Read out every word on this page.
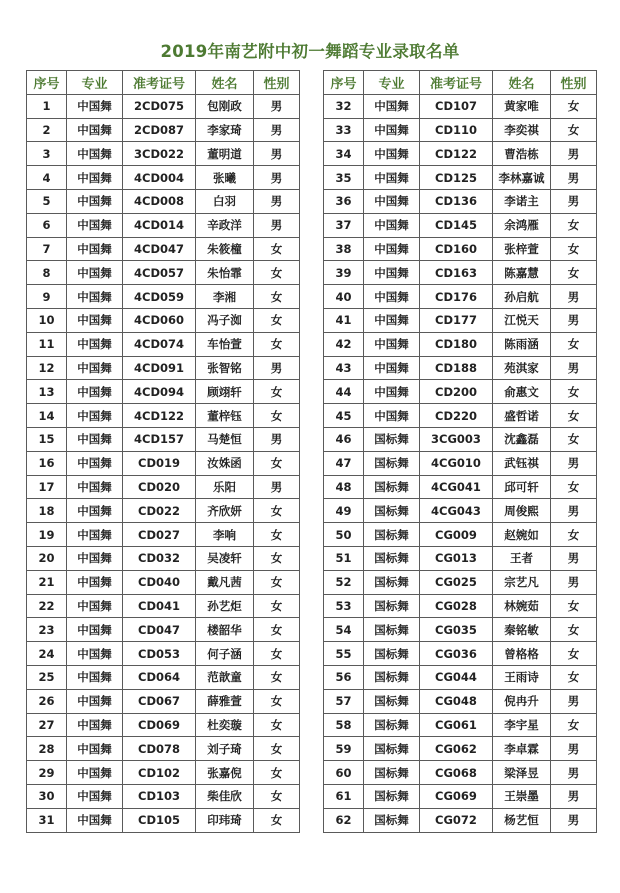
2019年南艺附中初一舞蹈专业录取名单
序号	专业	准考证号	姓名	性别		序号	专业	准考证号	姓名	性别
1	中国舞	2CD075	包刚政	男		32	中国舞	CD107	黄家唯	女
2	中国舞	2CD087	李家琦	男		33	中国舞	CD110	李奕祺	女
3	中国舞	3CD022	董明道	男		34	中国舞	CD122	曹浩栋	男
4	中国舞	4CD004	张曦	男		35	中国舞	CD125	李林嘉诚	男
5	中国舞	4CD008	白羽	男		36	中国舞	CD136	李诺主	男
6	中国舞	4CD014	辛政洋	男		37	中国舞	CD145	余鸿雁	女
7	中国舞	4CD047	朱筱橦	女		38	中国舞	CD160	张梓萱	女
8	中国舞	4CD057	朱怡霏	女		39	中国舞	CD163	陈嘉慧	女
9	中国舞	4CD059	李湘	女		40	中国舞	CD176	孙启航	男
10	中国舞	4CD060	冯子洳	女		41	中国舞	CD177	江悦天	男
11	中国舞	4CD074	车怡萱	女		42	中国舞	CD180	陈雨涵	女
12	中国舞	4CD091	张智铭	男		43	中国舞	CD188	苑淇家	男
13	中国舞	4CD094	顾翊轩	女		44	中国舞	CD200	俞惠文	女
14	中国舞	4CD122	董梓钰	女		45	中国舞	CD220	盛哲诺	女
15	中国舞	4CD157	马楚恒	男		46	国标舞	3CG003	沈鑫磊	女
16	中国舞	CD019	汝姝函	女		47	国标舞	4CG010	武钰祺	男
17	中国舞	CD020	乐阳	男		48	国标舞	4CG041	邱可轩	女
18	中国舞	CD022	齐欣妍	女		49	国标舞	4CG043	周俊熙	男
19	中国舞	CD027	李响	女		50	国标舞	CG009	赵婉如	女
20	中国舞	CD032	吴凌轩	女		51	国标舞	CG013	王者	男
21	中国舞	CD040	戴凡茜	女		52	国标舞	CG025	宗艺凡	男
22	中国舞	CD041	孙艺炬	女		53	国标舞	CG028	林婉茹	女
23	中国舞	CD047	楼韶华	女		54	国标舞	CG035	秦铭敏	女
24	中国舞	CD053	何子涵	女		55	国标舞	CG036	曾格格	女
25	中国舞	CD064	范歆童	女		56	国标舞	CG044	王雨诗	女
26	中国舞	CD067	薛雅萱	女		57	国标舞	CG048	倪冉升	男
27	中国舞	CD069	杜奕璇	女		58	国标舞	CG061	李宇星	女
28	中国舞	CD078	刘子琦	女		59	国标舞	CG062	李卓霖	男
29	中国舞	CD102	张嘉倪	女		60	国标舞	CG068	梁泽昱	男
30	中国舞	CD103	柴佳欣	女		61	国标舞	CG069	王崇墨	男
31	中国舞	CD105	印玮琦	女		62	国标舞	CG072	杨艺恒	男
